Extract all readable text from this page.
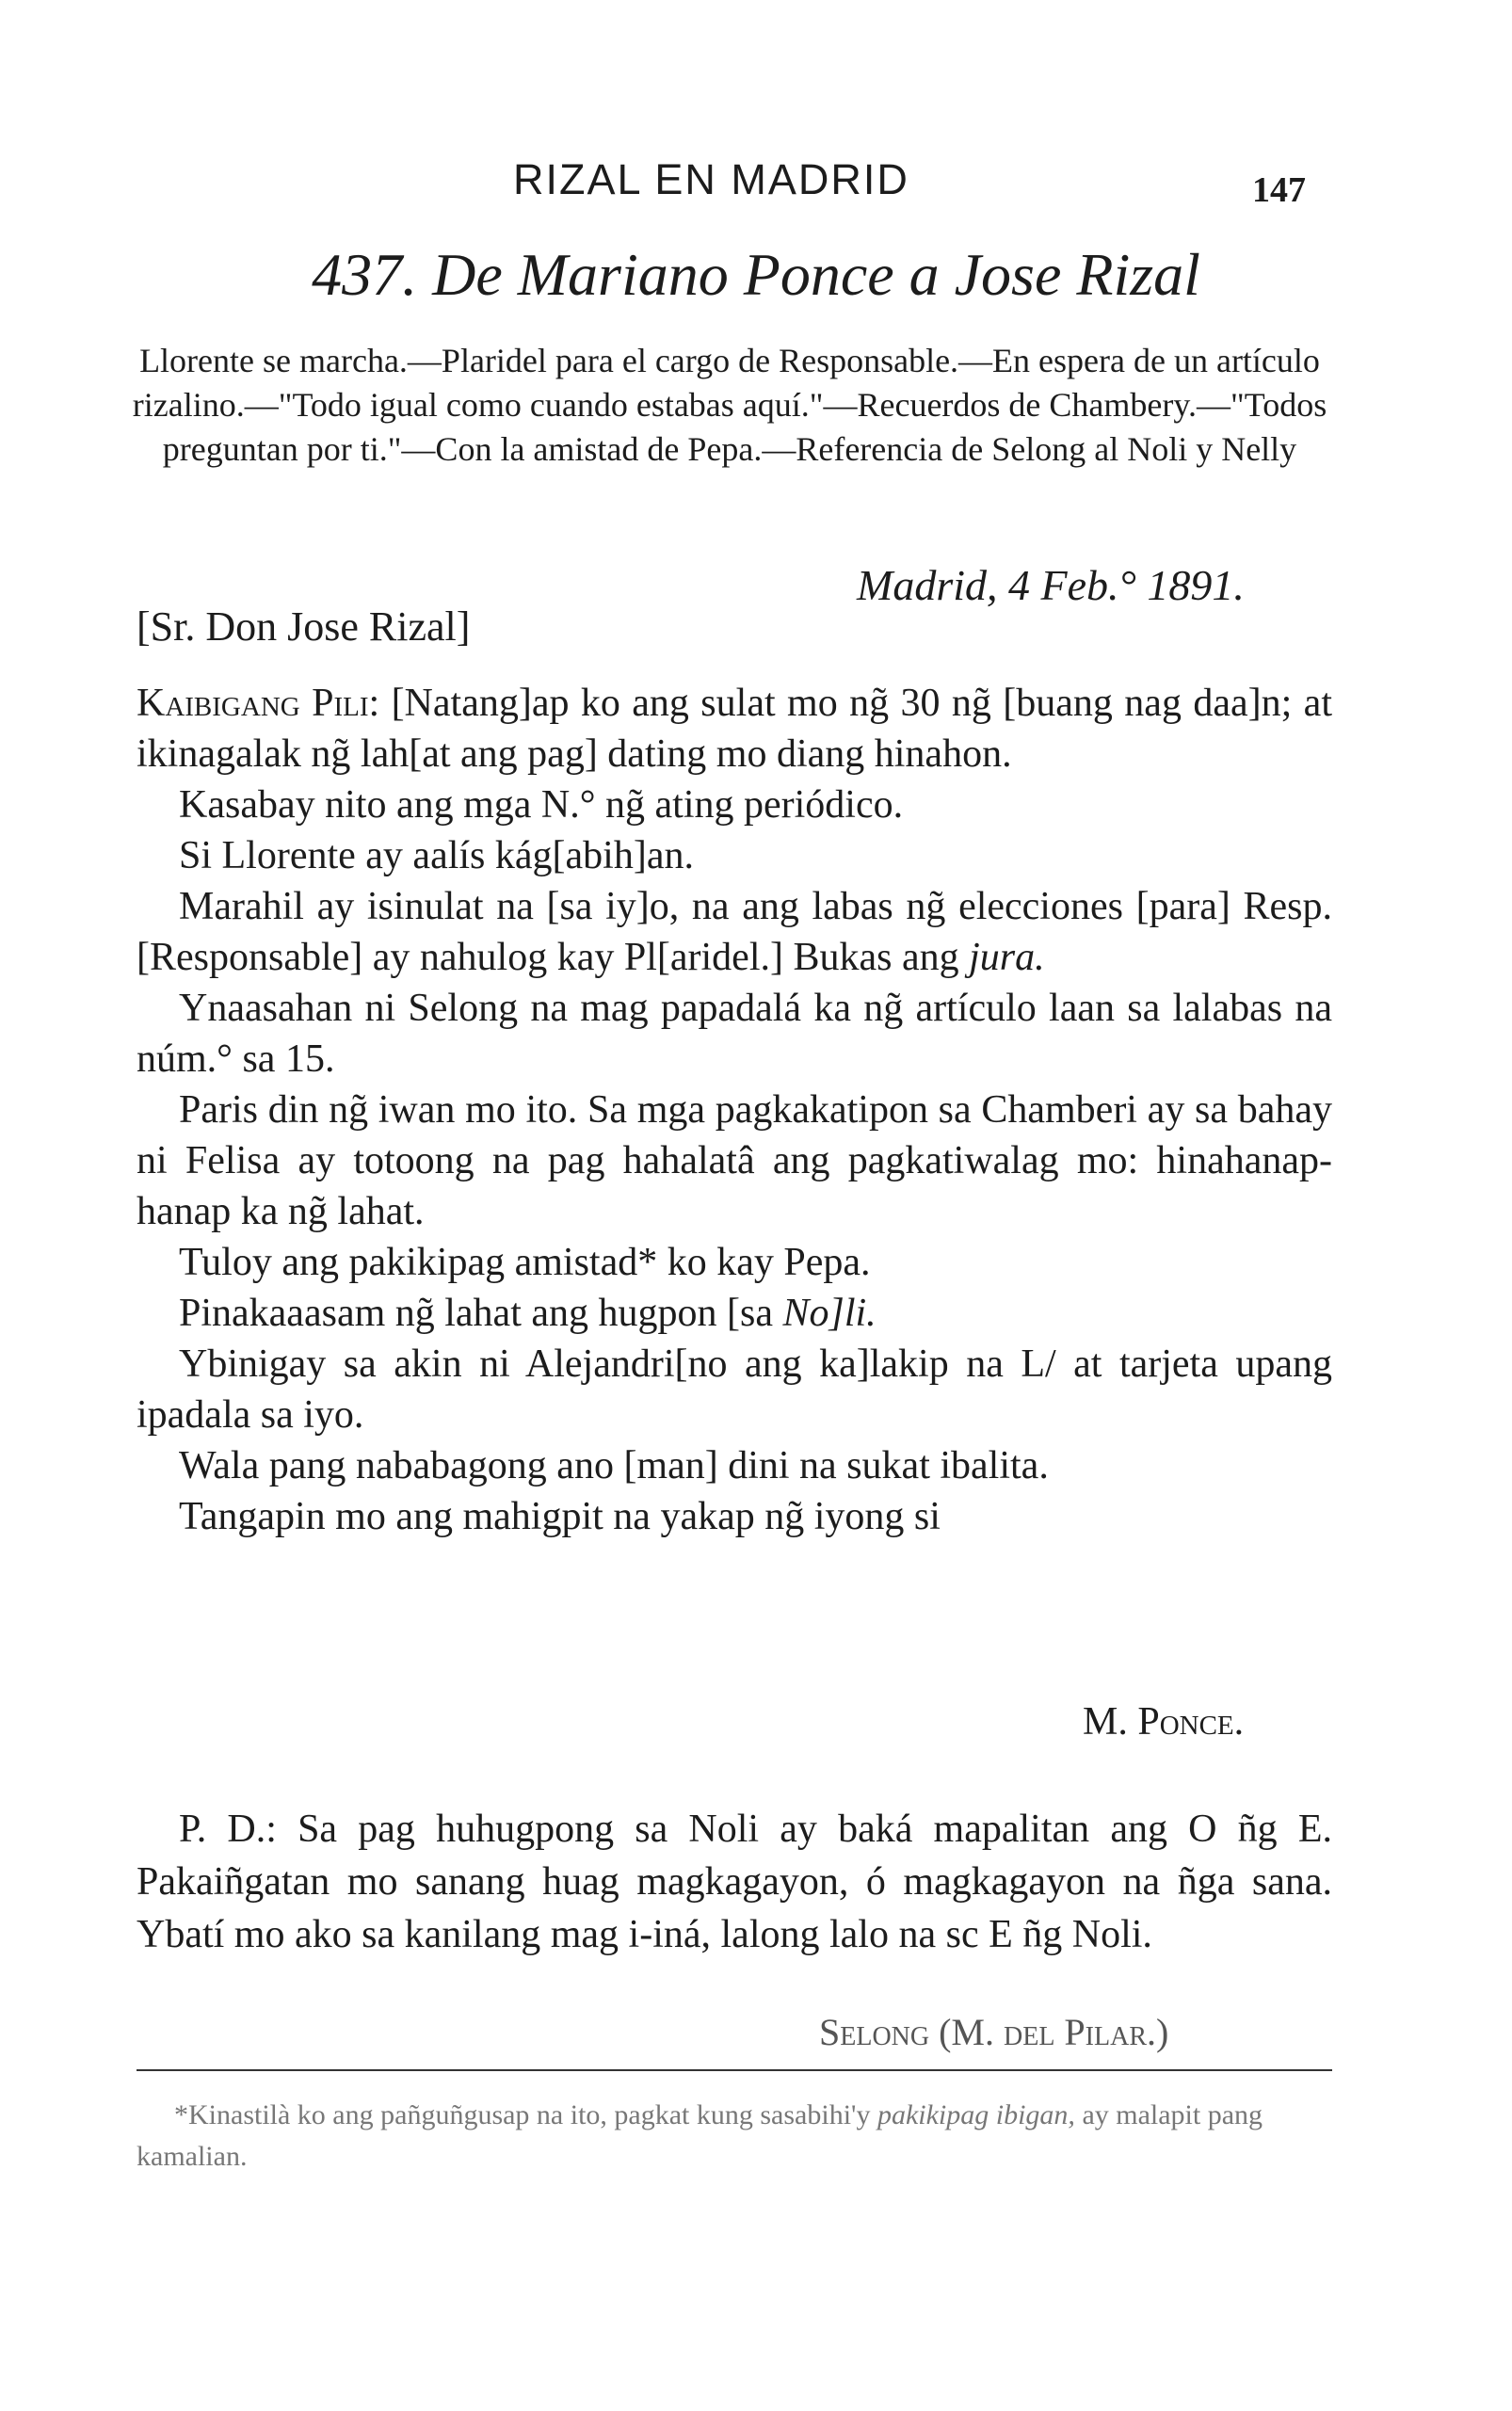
RIZAL EN MADRID	147
437. De Mariano Ponce a Jose Rizal
Llorente se marcha.—Plaridel para el cargo de Responsable.—En espera de un artículo rizalino.—"Todo igual como cuando estabas aquí."—Recuerdos de Chambery.—"Todos preguntan por ti."—Con la amistad de Pepa.—Referencia de Selong al Noli y Nelly
Madrid, 4 Feb.° 1891.
[Sr. Don Jose Rizal]

Kaibigang Pili: [Natang]ap ko ang sulat mo ng̃ 30 ng̃ [buang nag daa]n; at ikinagalak ng̃ lah[at ang pag] dating mo diang hinahon.

Kasabay nito ang mga N.° ng̃ ating periódico.

Si Llorente ay aalís kág[abih]an.

Marahil ay isinulat na [sa iy]o, na ang labas ng̃ elecciones [para] Resp. [Responsable] ay nahulog kay Pl[aridel.] Bukas ang jura.

Ynaasahan ni Selong na mag papadalá ka ng̃ artículo laan sa lalabas na núm.° sa 15.

Paris din ng̃ iwan mo ito. Sa mga pagkakatipon sa Chamberi ay sa bahay ni Felisa ay totoong na pag hahalatâ ang pagkatiwalag mo: hinahanap-hanap ka ng̃ lahat.

Tuloy ang pakikipag amistad* ko kay Pepa.

Pinakaaasam ng̃ lahat ang hugpon [sa No]li.

Ybinigay sa akin ni Alejandri[no ang ka]lakip na L/ at tarjeta upang ipadala sa iyo.

Wala pang nababagong ano [man] dini na sukat ibalita.

Tangapin mo ang mahigpit na yakap ng̃ iyong si

M. Ponce.

P. D.: Sa pag huhugpong sa Noli ay baká mapalitan ang O ñg E. Pakaiñgatan mo sanang huag magkagayon, ó magkagayon na ñga sana. Ybatí mo ako sa kanilang mag i-iná, lalong lalo na sc E ñg Noli.

Selong (M. del Pilar.)
*Kinastilà ko ang pañguñgusap na ito, pagkat kung sasabihi'y pakikipag ibigan, ay malapit pang kamalian.
